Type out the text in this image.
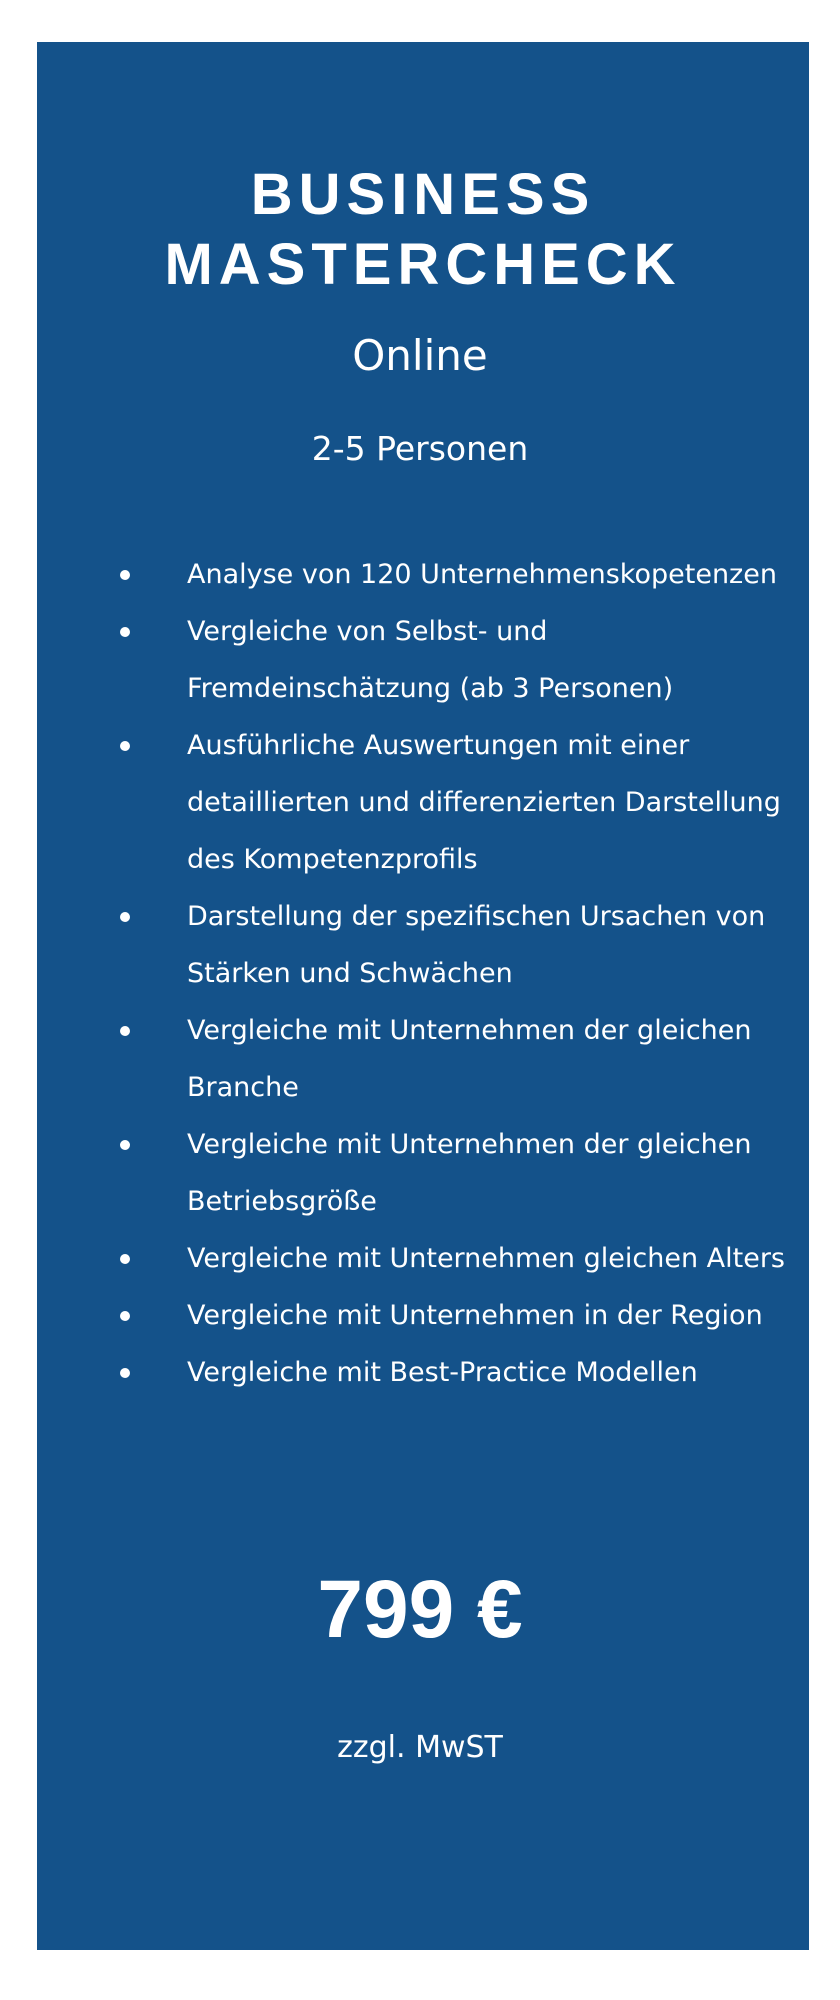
BUSINESS
MASTERCHECK
Online
2-5 Personen
Analyse von 120 Unternehmenskopetenzen
Vergleiche von Selbst- und Fremdeinschätzung (ab 3 Personen)
Ausführliche Auswertungen mit einer detaillierten und differenzierten Darstellung des Kompetenzprofils
Darstellung der spezifischen Ursachen von Stärken und Schwächen
Vergleiche mit Unternehmen der gleichen Branche
Vergleiche mit Unternehmen der gleichen Betriebsgröße
Vergleiche mit Unternehmen gleichen Alters
Vergleiche mit Unternehmen in der Region
Vergleiche mit Best-Practice Modellen
799 €
zzgl. MwST
